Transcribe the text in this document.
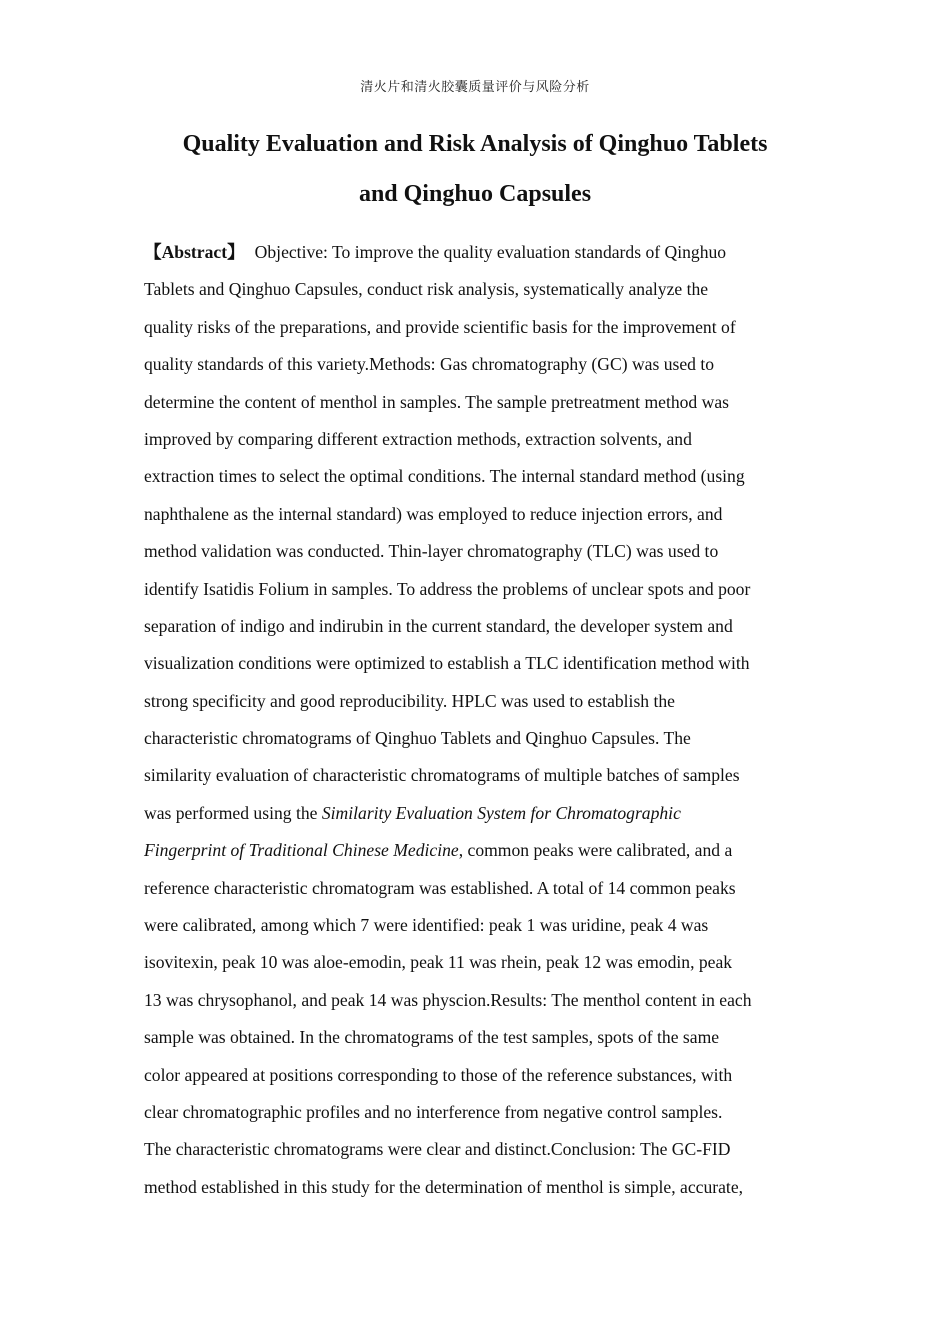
清火片和清火胶囊质量评价与风险分析
Quality Evaluation and Risk Analysis of Qinghuo Tablets
and Qinghuo Capsules
【Abstract】 Objective: To improve the quality evaluation standards of Qinghuo
Tablets and Qinghuo Capsules, conduct risk analysis, systematically analyze the
quality risks of the preparations, and provide scientific basis for the improvement of
quality standards of this variety.Methods: Gas chromatography (GC) was used to
determine the content of menthol in samples. The sample pretreatment method was
improved by comparing different extraction methods, extraction solvents, and
extraction times to select the optimal conditions. The internal standard method (using
naphthalene as the internal standard) was employed to reduce injection errors, and
method validation was conducted. Thin-layer chromatography (TLC) was used to
identify Isatidis Folium in samples. To address the problems of unclear spots and poor
separation of indigo and indirubin in the current standard, the developer system and
visualization conditions were optimized to establish a TLC identification method with
strong specificity and good reproducibility. HPLC was used to establish the
characteristic chromatograms of Qinghuo Tablets and Qinghuo Capsules. The
similarity evaluation of characteristic chromatograms of multiple batches of samples
was performed using the Similarity Evaluation System for Chromatographic
Fingerprint of Traditional Chinese Medicine, common peaks were calibrated, and a
reference characteristic chromatogram was established. A total of 14 common peaks
were calibrated, among which 7 were identified: peak 1 was uridine, peak 4 was
isovitexin, peak 10 was aloe-emodin, peak 11 was rhein, peak 12 was emodin, peak
13 was chrysophanol, and peak 14 was physcion.Results: The menthol content in each
sample was obtained. In the chromatograms of the test samples, spots of the same
color appeared at positions corresponding to those of the reference substances, with
clear chromatographic profiles and no interference from negative control samples.
The characteristic chromatograms were clear and distinct.Conclusion: The GC-FID
method established in this study for the determination of menthol is simple, accurate,
